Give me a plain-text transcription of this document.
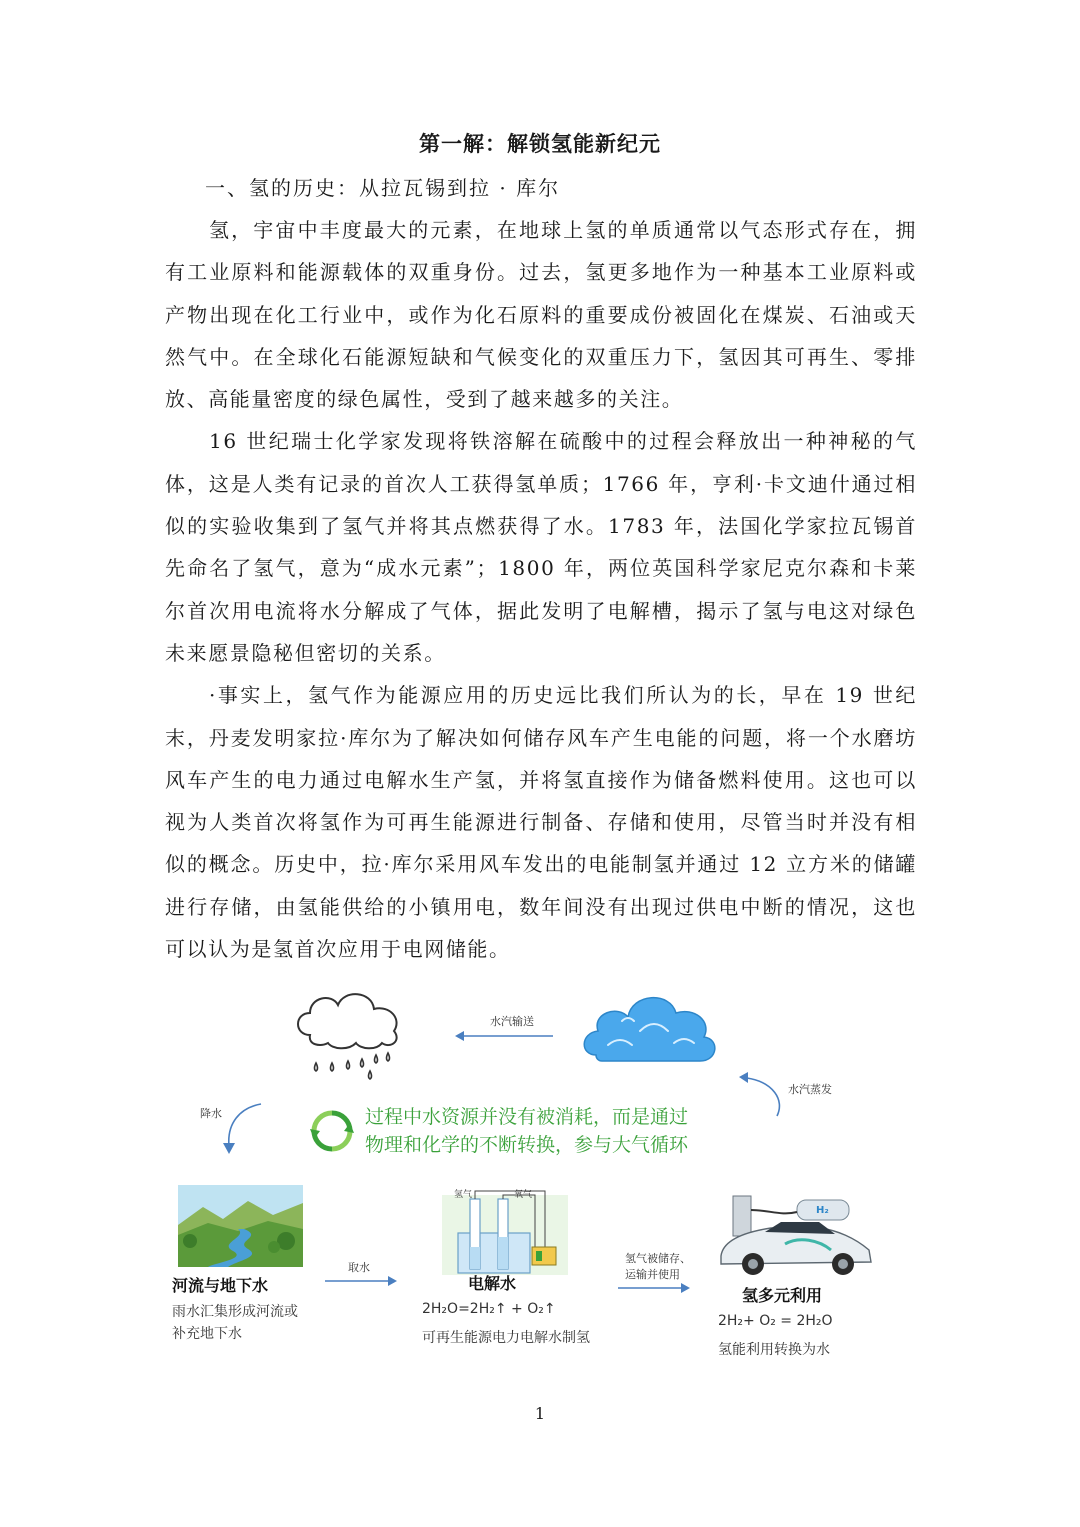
第一解：解锁氢能新纪元
一、氢的历史：从拉瓦锡到拉 · 库尔

氢，宇宙中丰度最大的元素，在地球上氢的单质通常以气态形式存在，拥有工业原料和能源载体的双重身份。过去，氢更多地作为一种基本工业原料或产物出现在化工行业中，或作为化石原料的重要成份被固化在煤炭、石油或天然气中。在全球化石能源短缺和气候变化的双重压力下，氢因其可再生、零排放、高能量密度的绿色属性，受到了越来越多的关注。

16 世纪瑞士化学家发现将铁溶解在硫酸中的过程会释放出一种神秘的气体，这是人类有记录的首次人工获得氢单质；1766 年，亨利·卡文迪什通过相似的实验收集到了氢气并将其点燃获得了水。1783 年，法国化学家拉瓦锡首先命名了氢气，意为“成水元素”；1800 年，两位英国科学家尼克尔森和卡莱尔首次用电流将水分解成了气体，据此发明了电解槽，揭示了氢与电这对绿色未来愿景隐秘但密切的关系。

·事实上，氢气作为能源应用的历史远比我们所认为的长，早在 19 世纪末，丹麦发明家拉·库尔为了解决如何储存风车产生电能的问题，将一个水磨坊风车产生的电力通过电解水生产氢，并将氢直接作为储备燃料使用。这也可以视为人类首次将氢作为可再生能源进行制备、存储和使用，尽管当时并没有相似的概念。历史中，拉·库尔采用风车发出的电能制氢并通过 12 立方米的储罐进行存储，由氢能供给的小镇用电，数年间没有出现过供电中断的情况，这也可以认为是氢首次应用于电网储能。

水汽输送
水汽蒸发
降水	过程中水资源并没有被消耗，而是通过
物理和化学的不断转换，参与大气循环
河流与地下水
雨水汇集形成河流或
补充地下水
取水
氢气	氧气
电解水
2H₂O=2H₂↑ + O₂↑
可再生能源电力电解水制氢
氢气被储存、
运输并使用
H₂
氢多元利用
2H₂+ O₂ = 2H₂O
氢能利用转换为水
1
